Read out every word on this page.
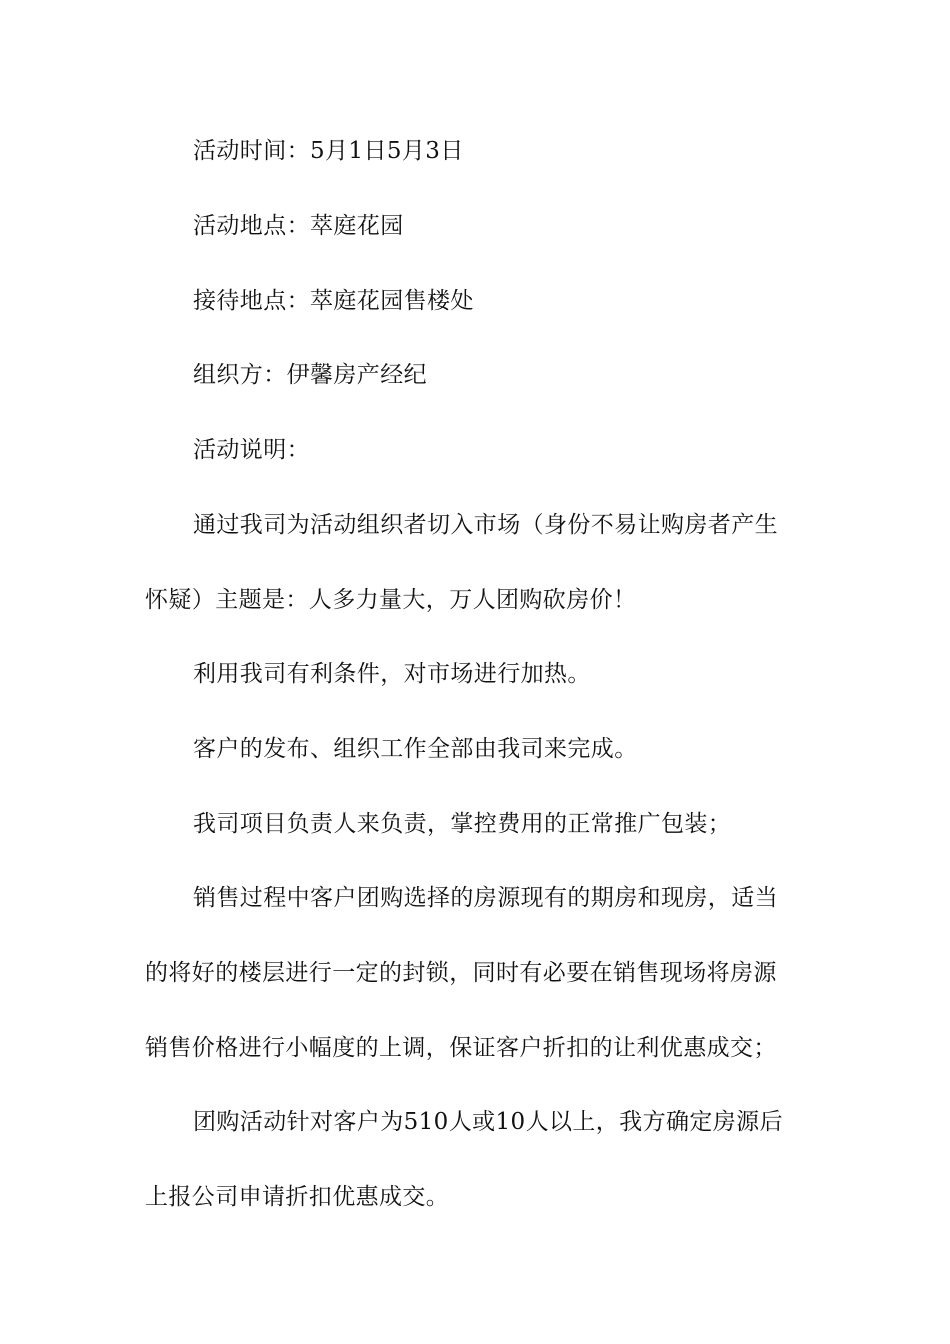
活动时间：5月1日5月3日
活动地点：萃庭花园
接待地点：萃庭花园售楼处
组织方：伊馨房产经纪
活动说明：
通过我司为活动组织者切入市场（身份不易让购房者产生
怀疑）主题是：人多力量大，万人团购砍房价！
利用我司有利条件，对市场进行加热。
客户的发布、组织工作全部由我司来完成。
我司项目负责人来负责，掌控费用的正常推广包装；
销售过程中客户团购选择的房源现有的期房和现房，适当
的将好的楼层进行一定的封锁，同时有必要在销售现场将房源
销售价格进行小幅度的上调，保证客户折扣的让利优惠成交；
团购活动针对客户为510人或10人以上，我方确定房源后
上报公司申请折扣优惠成交。
